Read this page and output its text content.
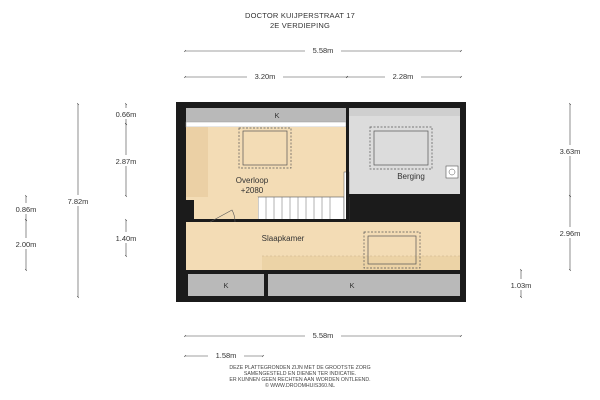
DOCTOR KUIJPERSTRAAT 17
2E VERDIEPING
K
Overloop
+2080
Berging
Slaapkamer
K	K
5.58m
3.20m	2.28m
5.58m
1.58m
7.82m
0.86m
2.00m
0.66m
2.87m
1.40m
3.63m
2.96m
1.03m
DEZE PLATTEGRONDEN ZIJN MET DE GROOTSTE ZORG
SAMENGESTELD EN DIENEN TER INDICATIE.
ER KUNNEN GEEN RECHTEN AAN WORDEN ONTLEEND.
© WWW.DROOMHUIS360.NL
